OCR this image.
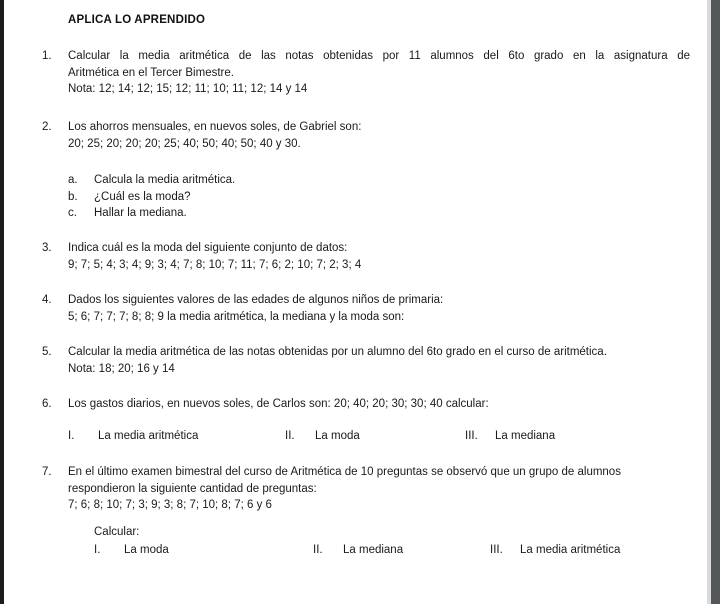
APLICA LO APRENDIDO
1.	Calcular la media aritmética de las notas obtenidas por 11 alumnos del 6to grado en la asignatura de
Aritmética en el Tercer Bimestre.
Nota: 12; 14; 12; 15; 12; 11; 10; 11; 12; 14 y 14
2.	Los ahorros mensuales, en nuevos soles, de Gabriel son:
20; 25; 20; 20; 20; 25; 40; 50; 40; 50; 40 y 30.
a.	Calcula la media aritmética.
b.	¿Cuál es la moda?
c.	Hallar la mediana.
3.	Indica cuál es la moda del siguiente conjunto de datos:
9; 7; 5; 4; 3; 4; 9; 3; 4; 7; 8; 10; 7; 11; 7; 6; 2; 10; 7; 2; 3; 4
4.	Dados los siguientes valores de las edades de algunos niños de primaria:
5; 6; 7; 7; 7; 8; 8; 9 la media aritmética, la mediana y la moda son:
5.	Calcular la media aritmética de las notas obtenidas por un alumno del 6to grado en el curso de aritmética.
Nota: 18; 20; 16 y 14
6.	Los gastos diarios, en nuevos soles, de Carlos son: 20; 40; 20; 30; 30; 40 calcular:
I. La media aritmética	II. La moda	III. La mediana
7.	En el último examen bimestral del curso de Aritmética de 10 preguntas se observó que un grupo de alumnos
respondieron la siguiente cantidad de preguntas:
7; 6; 8; 10; 7; 3; 9; 3; 8; 7; 10; 8; 7; 6 y 6
Calcular:
I. La moda	II. La mediana	III. La media aritmética
